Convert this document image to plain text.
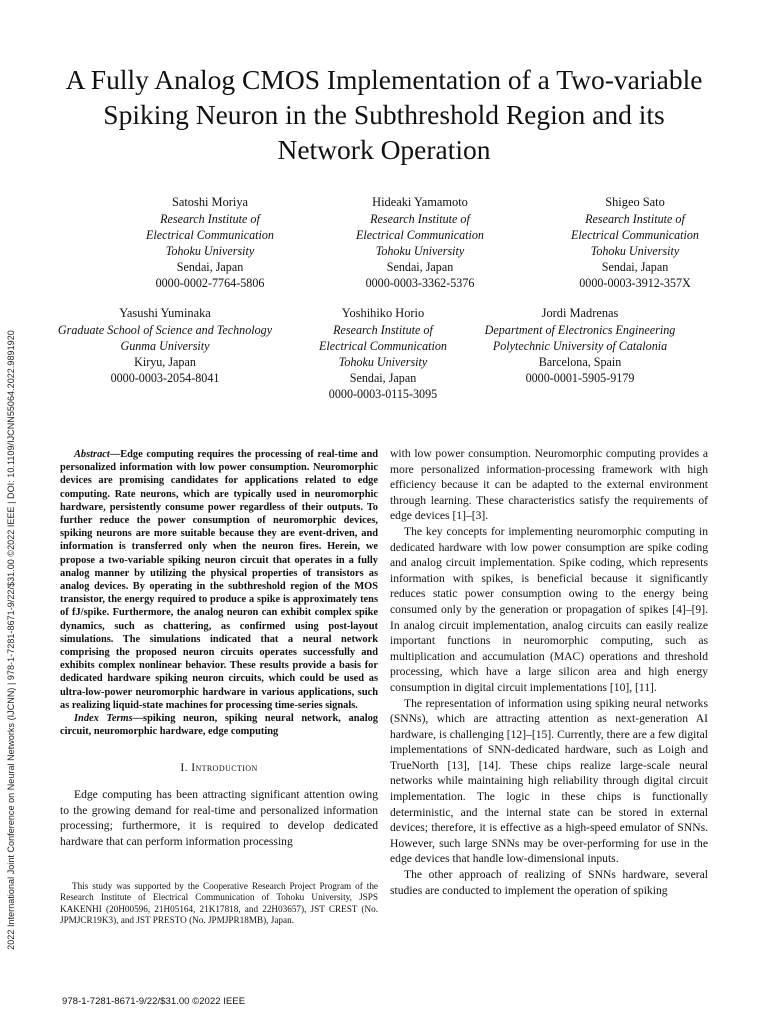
2022 International Joint Conference on Neural Networks (IJCNN) | 978-1-7281-8671-9/22/$31.00 ©2022 IEEE | DOI: 10.1109/IJCNN55064.2022.9891920
A Fully Analog CMOS Implementation of a Two-variable Spiking Neuron in the Subthreshold Region and its Network Operation
Satoshi Moriya
Research Institute of
Electrical Communication
Tohoku University
Sendai, Japan
0000-0002-7764-5806
Hideaki Yamamoto
Research Institute of
Electrical Communication
Tohoku University
Sendai, Japan
0000-0003-3362-5376
Shigeo Sato
Research Institute of
Electrical Communication
Tohoku University
Sendai, Japan
0000-0003-3912-357X
Yasushi Yuminaka
Graduate School of Science and Technology
Gunma University
Kiryu, Japan
0000-0003-2054-8041
Yoshihiko Horio
Research Institute of
Electrical Communication
Tohoku University
Sendai, Japan
0000-0003-0115-3095
Jordi Madrenas
Department of Electronics Engineering
Polytechnic University of Catalonia
Barcelona, Spain
0000-0001-5905-9179

Abstract—Edge computing requires the processing of real-time and personalized information with low power consumption. Neuromorphic devices are promising candidates for applications related to edge computing. Rate neurons, which are typically used in neuromorphic hardware, persistently consume power regardless of their outputs. To further reduce the power consumption of neuromorphic devices, spiking neurons are more suitable because they are event-driven, and information is transferred only when the neuron fires. Herein, we propose a two-variable spiking neuron circuit that operates in a fully analog manner by utilizing the physical properties of transistors as analog devices. By operating in the subthreshold region of the MOS transistor, the energy required to produce a spike is approximately tens of fJ/spike. Furthermore, the analog neuron can exhibit complex spike dynamics, such as chattering, as confirmed using post-layout simulations. The simulations indicated that a neural network comprising the proposed neuron circuits operates successfully and exhibits complex nonlinear behavior. These results provide a basis for dedicated hardware spiking neuron circuits, which could be used as ultra-low-power neuromorphic hardware in various applications, such as realizing liquid-state machines for processing time-series signals.

Index Terms—spiking neuron, spiking neural network, analog circuit, neuromorphic hardware, edge computing

I. Introduction

Edge computing has been attracting significant attention owing to the growing demand for real-time and personalized information processing; furthermore, it is required to develop dedicated hardware that can perform information processing

This study was supported by the Cooperative Research Project Program of the Research Institute of Electrical Communication of Tohoku University, JSPS KAKENHI (20H00596, 21H05164, 21K17818, and 22H03657), JST CREST (No. JPMJCR19K3), and JST PRESTO (No. JPMJPR18MB), Japan.

with low power consumption. Neuromorphic computing provides a more personalized information-processing framework with high efficiency because it can be adapted to the external environment through learning. These characteristics satisfy the requirements of edge devices [1]–[3].

The key concepts for implementing neuromorphic computing in dedicated hardware with low power consumption are spike coding and analog circuit implementation. Spike coding, which represents information with spikes, is beneficial because it significantly reduces static power consumption owing to the energy being consumed only by the generation or propagation of spikes [4]–[9]. In analog circuit implementation, analog circuits can easily realize important functions in neuromorphic computing, such as multiplication and accumulation (MAC) operations and threshold processing, which have a large silicon area and high energy consumption in digital circuit implementations [10], [11].

The representation of information using spiking neural networks (SNNs), which are attracting attention as next-generation AI hardware, is challenging [12]–[15]. Currently, there are a few digital implementations of SNN-dedicated hardware, such as Loigh and TrueNorth [13], [14]. These chips realize large-scale neural networks while maintaining high reliability through digital circuit implementation. The logic in these chips is functionally deterministic, and the internal state can be stored in external devices; therefore, it is effective as a high-speed emulator of SNNs. However, such large SNNs may be over-performing for use in the edge devices that handle low-dimensional inputs.

The other approach of realizing of SNNs hardware, several studies are conducted to implement the operation of spiking

978-1-7281-8671-9/22/$31.00 ©2022 IEEE
